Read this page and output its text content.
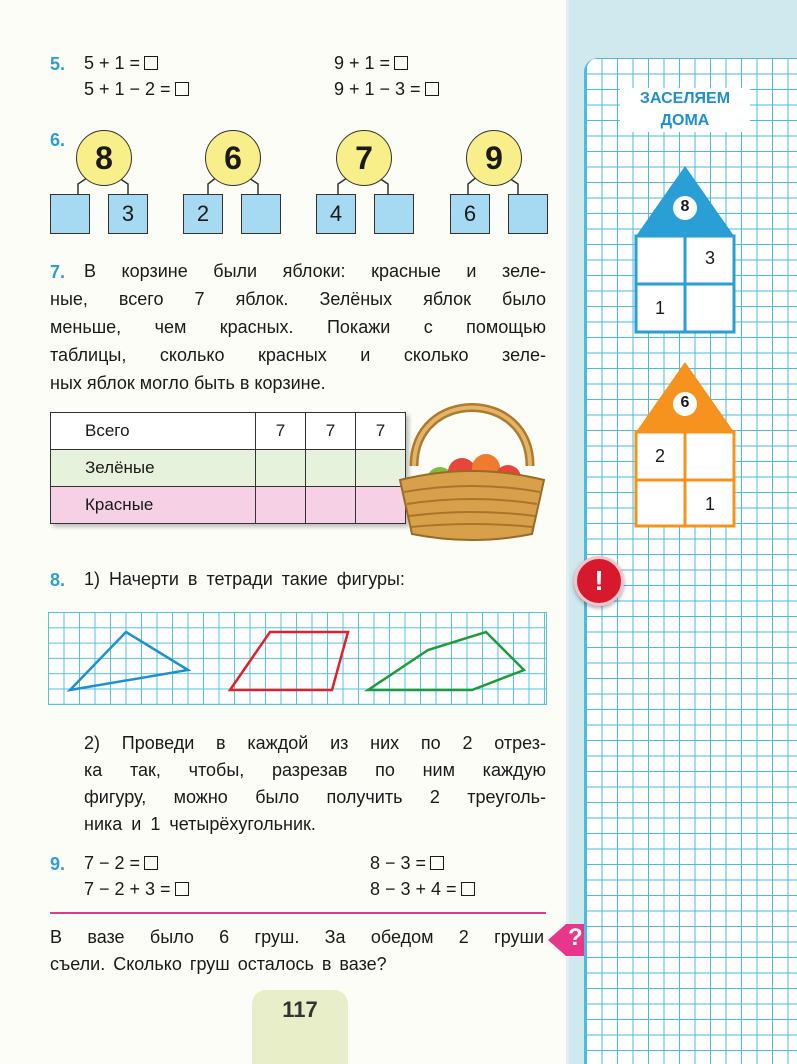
5. 5 + 1 =
5 + 1 − 2 =
9 + 1 =
9 + 1 − 3 =
6. 8
3
6
2
7
4
9
6
7. В корзине были яблоки: красные и зеле-
ные, всего 7 яблок. Зелёных яблок было
меньше, чем красных. Покажи с помощью
таблицы, сколько красных и сколько зеле-
ных яблок могло быть в корзине.
Всего	7	7	7
Зелёные			
Красные			
8. 1) Начерти в тетради такие фигуры:
2) Проведи в каждой из них по 2 отрез-
ка так, чтобы, разрезав по ним каждую
фигуру, можно было получить 2 треуголь-
ника и 1 четырёхугольник.
9. 7 − 2 =
7 − 2 + 3 =
8 − 3 =
8 − 3 + 4 =
В вазе было 6 груш. За обедом 2 груши
съели. Сколько груш осталось в вазе?
117
?
ЗАСЕЛЯЕМ
ДОМА
8
3
1
6
2
1
!
